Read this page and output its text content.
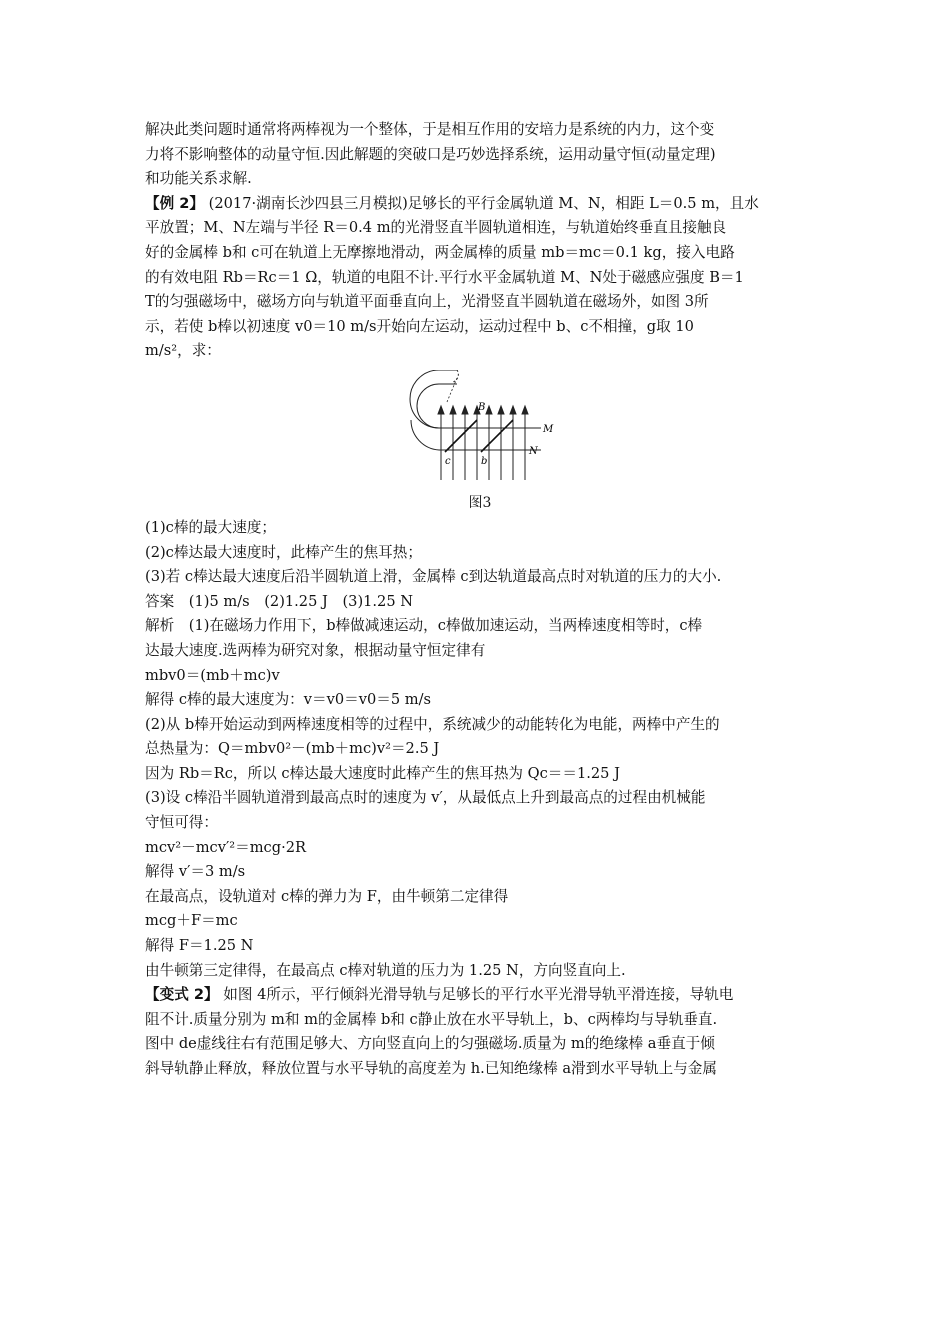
解决此类问题时通常将两棒视为一个整体，于是相互作用的安培力是系统的内力，这个变

力将不影响整体的动量守恒.因此解题的突破口是巧妙选择系统，运用动量守恒(动量定理)

和功能关系求解.

【例 2】 (2017·湖南长沙四县三月模拟)足够长的平行金属轨道 M、N，相距 L＝0.5 m，且水

平放置；M、N左端与半径 R＝0.4 m的光滑竖直半圆轨道相连，与轨道始终垂直且接触良

好的金属棒 b和 c可在轨道上无摩擦地滑动，两金属棒的质量 mb＝mc＝0.1 kg，接入电路

的有效电阻 Rb＝Rc＝1 Ω，轨道的电阻不计.平行水平金属轨道 M、N处于磁感应强度 B＝1

T的匀强磁场中，磁场方向与轨道平面垂直向上，光滑竖直半圆轨道在磁场外，如图 3所

示，若使 b棒以初速度 v0＝10 m/s开始向左运动，运动过程中 b、c不相撞，g取 10

m/s²，求：

B
M
N
c	b

图3

(1)c棒的最大速度；

(2)c棒达最大速度时，此棒产生的焦耳热；

(3)若 c棒达最大速度后沿半圆轨道上滑，金属棒 c到达轨道最高点时对轨道的压力的大小.

答案　(1)5 m/s　(2)1.25 J　(3)1.25 N

解析　(1)在磁场力作用下，b棒做减速运动，c棒做加速运动，当两棒速度相等时，c棒

达最大速度.选两棒为研究对象，根据动量守恒定律有

mbv0＝(mb＋mc)v

解得 c棒的最大速度为：v＝v0＝v0＝5 m/s

(2)从 b棒开始运动到两棒速度相等的过程中，系统减少的动能转化为电能，两棒中产生的

总热量为：Q＝mbv0²－(mb＋mc)v²＝2.5 J

因为 Rb＝Rc，所以 c棒达最大速度时此棒产生的焦耳热为 Qc＝＝1.25 J

(3)设 c棒沿半圆轨道滑到最高点时的速度为 v′，从最低点上升到最高点的过程由机械能

守恒可得：

mcv²－mcv′²＝mcg·2R

解得 v′＝3 m/s

在最高点，设轨道对 c棒的弹力为 F，由牛顿第二定律得

mcg＋F＝mc

解得 F＝1.25 N

由牛顿第三定律得，在最高点 c棒对轨道的压力为 1.25 N，方向竖直向上.

【变式 2】 如图 4所示，平行倾斜光滑导轨与足够长的平行水平光滑导轨平滑连接，导轨电

阻不计.质量分别为 m和 m的金属棒 b和 c静止放在水平导轨上，b、c两棒均与导轨垂直.

图中 de虚线往右有范围足够大、方向竖直向上的匀强磁场.质量为 m的绝缘棒 a垂直于倾

斜导轨静止释放，释放位置与水平导轨的高度差为 h.已知绝缘棒 a滑到水平导轨上与金属
